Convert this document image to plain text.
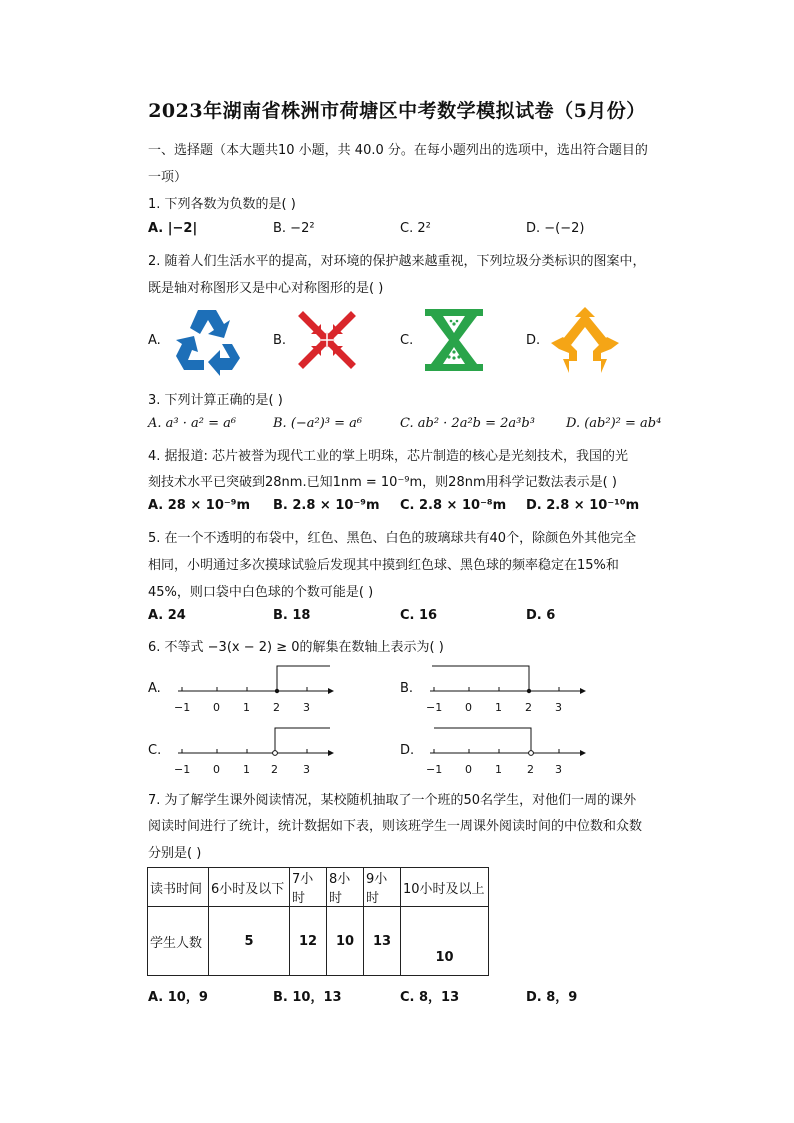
2023年湖南省株洲市荷塘区中考数学模拟试卷（5月份）
一、选择题（本大题共10 小题，共 40.0 分。在每小题列出的选项中，选出符合题目的
一项）
1. 下列各数为负数的是( )
A. |−2|	B. −2²	C. 2²	D. −(−2)
2. 随着人们生活水平的提高，对环境的保护越来越重视，下列垃圾分类标识的图案中，
既是轴对称图形又是中心对称图形的是( )
A.	B.	C.	D.
3. 下列计算正确的是( )
A. a³ · a² = a⁶	B. (−a²)³ = a⁶	C. ab² · 2a²b = 2a³b³ D. (ab²)² = ab⁴
4. 据报道: 芯片被誉为现代工业的掌上明珠，芯片制造的核心是光刻技术，我国的光
刻技术水平已突破到28nm.已知1nm = 10⁻⁹m，则28nm用科学记数法表示是( )
A. 28 × 10⁻⁹m B. 2.8 × 10⁻⁹m C. 2.8 × 10⁻⁸m D. 2.8 × 10⁻¹⁰m
5. 在一个不透明的布袋中，红色、黑色、白色的玻璃球共有40个，除颜色外其他完全
相同，小明通过多次摸球试验后发现其中摸到红色球、黑色球的频率稳定在15%和
45%，则口袋中白色球的个数可能是( )
A. 24	B. 18	C. 16	D. 6
6. 不等式 −3(x − 2) ≥ 0的解集在数轴上表示为( )
A.
−1 0 1 2 3
B.
−1 0 1 2 3
C.
−1 0 1 2 3
D.
−1 0 1 2 3
7. 为了解学生课外阅读情况，某校随机抽取了一个班的50名学生，对他们一周的课外
阅读时间进行了统计，统计数据如下表，则该班学生一周课外阅读时间的中位数和众数
分别是( )
读书时间	6小时及以下	7小时	8小时	9小时	10小时及以上
学生人数	5	12	10	13	10
A. 10，9	B. 10，13	C. 8，13	D. 8，9
